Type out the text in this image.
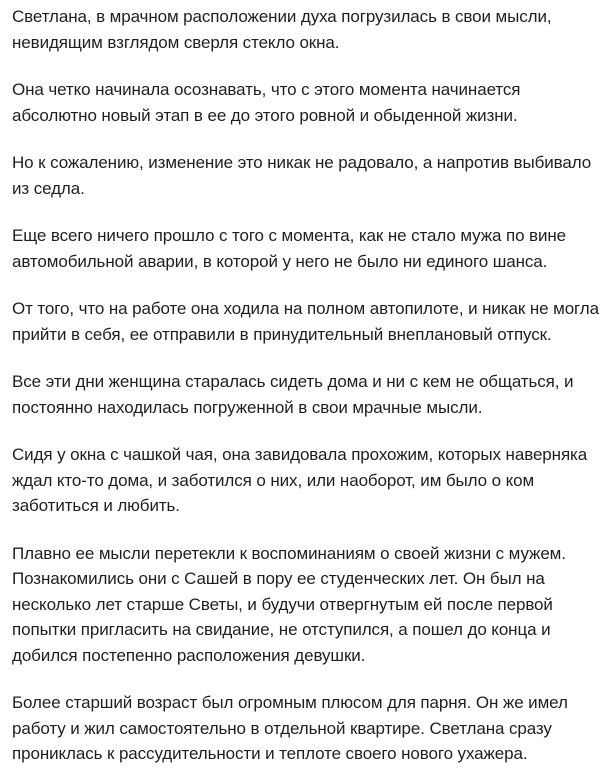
Светлана, в мрачном расположении духа погрузилась в свои мысли,
невидящим взглядом сверля стекло окна.

Она четко начинала осознавать, что с этого момента начинается
абсолютно новый этап в ее до этого ровной и обыденной жизни.

Но к сожалению, изменение это никак не радовало, а напротив выбивало
из седла.

Еще всего ничего прошло с того с момента, как не стало мужа по вине
автомобильной аварии, в которой у него не было ни единого шанса.

От того, что на работе она ходила на полном автопилоте, и никак не могла
прийти в себя, ее отправили в принудительный внеплановый отпуск.

Все эти дни женщина старалась сидеть дома и ни с кем не общаться, и
постоянно находилась погруженной в свои мрачные мысли.

Сидя у окна с чашкой чая, она завидовала прохожим, которых наверняка
ждал кто-то дома, и заботился о них, или наоборот, им было о ком
заботиться и любить.

Плавно ее мысли перетекли к воспоминаниям о своей жизни с мужем.
Познакомились они с Сашей в пору ее студенческих лет. Он был на
несколько лет старше Светы, и будучи отвергнутым ей после первой
попытки пригласить на свидание, не отступился, а пошел до конца и
добился постепенно расположения девушки.

Более старший возраст был огромным плюсом для парня. Он же имел
работу и жил самостоятельно в отдельной квартире. Светлана сразу
прониклась к рассудительности и теплоте своего нового ухажера.
